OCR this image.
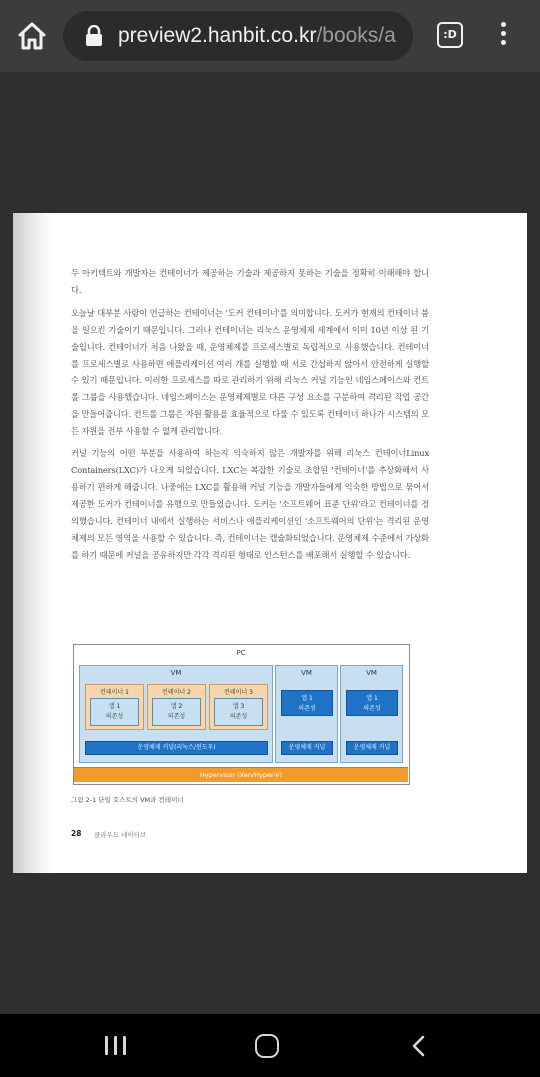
preview2.hanbit.co.kr/books/a	:D

두 아키텍트와 개발자는 컨테이너가 제공하는 기술과 제공하지 못하는 기술을 정확히 이해해야 합니다.

오늘날 대부분 사람이 언급하는 컨테이너는 '도커 컨테이너'를 의미합니다. 도커가 현재의 컨테이너 붐을 일으킨 기술이기 때문입니다. 그러나 컨테이너는 리눅스 운영체제 세계에서 이미 10년 이상 된 기술입니다. 컨테이너가 처음 나왔을 때, 운영체제를 프로세스별로 독립적으로 사용했습니다. 컨테이너를 프로세스별로 사용하면 애플리케이션 여러 개를 실행할 때 서로 간섭하지 않아서 안전하게 실행할 수 있기 때문입니다. 이러한 프로세스를 따로 관리하기 위해 리눅스 커널 기능인 네임스페이스와 컨트롤 그룹을 사용했습니다. 네임스페이스는 운영체제별로 다른 구성 요소를 구분하여 격리된 작업 공간을 만들어줍니다. 컨트롤 그룹은 자원 활용을 효율적으로 다룰 수 있도록 컨테이너 하나가 시스템의 모든 자원을 전부 사용할 수 없게 관리합니다.

커널 기능의 어떤 부분을 사용하여 하는지 익숙하지 않은 개발자를 위해 리눅스 컨테이너Linux Containers(LXC)가 나오게 되었습니다. LXC는 복잡한 기술로 조합된 '컨테이너'를 추상화해서 사용하기 편하게 해줍니다. 나중에는 LXC를 활용해 커널 기능을 개발자들에게 익숙한 방법으로 묶어서 제공한 도커가 컨테이너를 유행으로 만들었습니다. 도커는 '소프트웨어 표준 단위'라고 컨테이너를 정의했습니다. 컨테이너 내에서 실행하는 서비스나 애플리케이션인 '소프트웨어의 단위'는 격리된 운영체제의 모든 영역을 사용할 수 있습니다. 즉, 컨테이너는 캡슐화되었습니다. 운영체제 수준에서 가상화를 하기 때문에 커널을 공유하지만 각각 격리된 형태로 인스턴스를 배포해서 실행할 수 있습니다.

PC
VM
컨테이너 1
앱 1
의존성
컨테이너 2
앱 2
의존성
컨테이너 3
앱 3
의존성
운영체제 커널(리눅스/윈도우)
VM
앱 1
의존성
운영체제 커널
VM
앱 1
의존성
운영체제 커널
Hypervisor (Xen/Hyper-V)
그림 2-1 단일 호스트의 VM과 컨테이너
28 클라우드 네이티브
